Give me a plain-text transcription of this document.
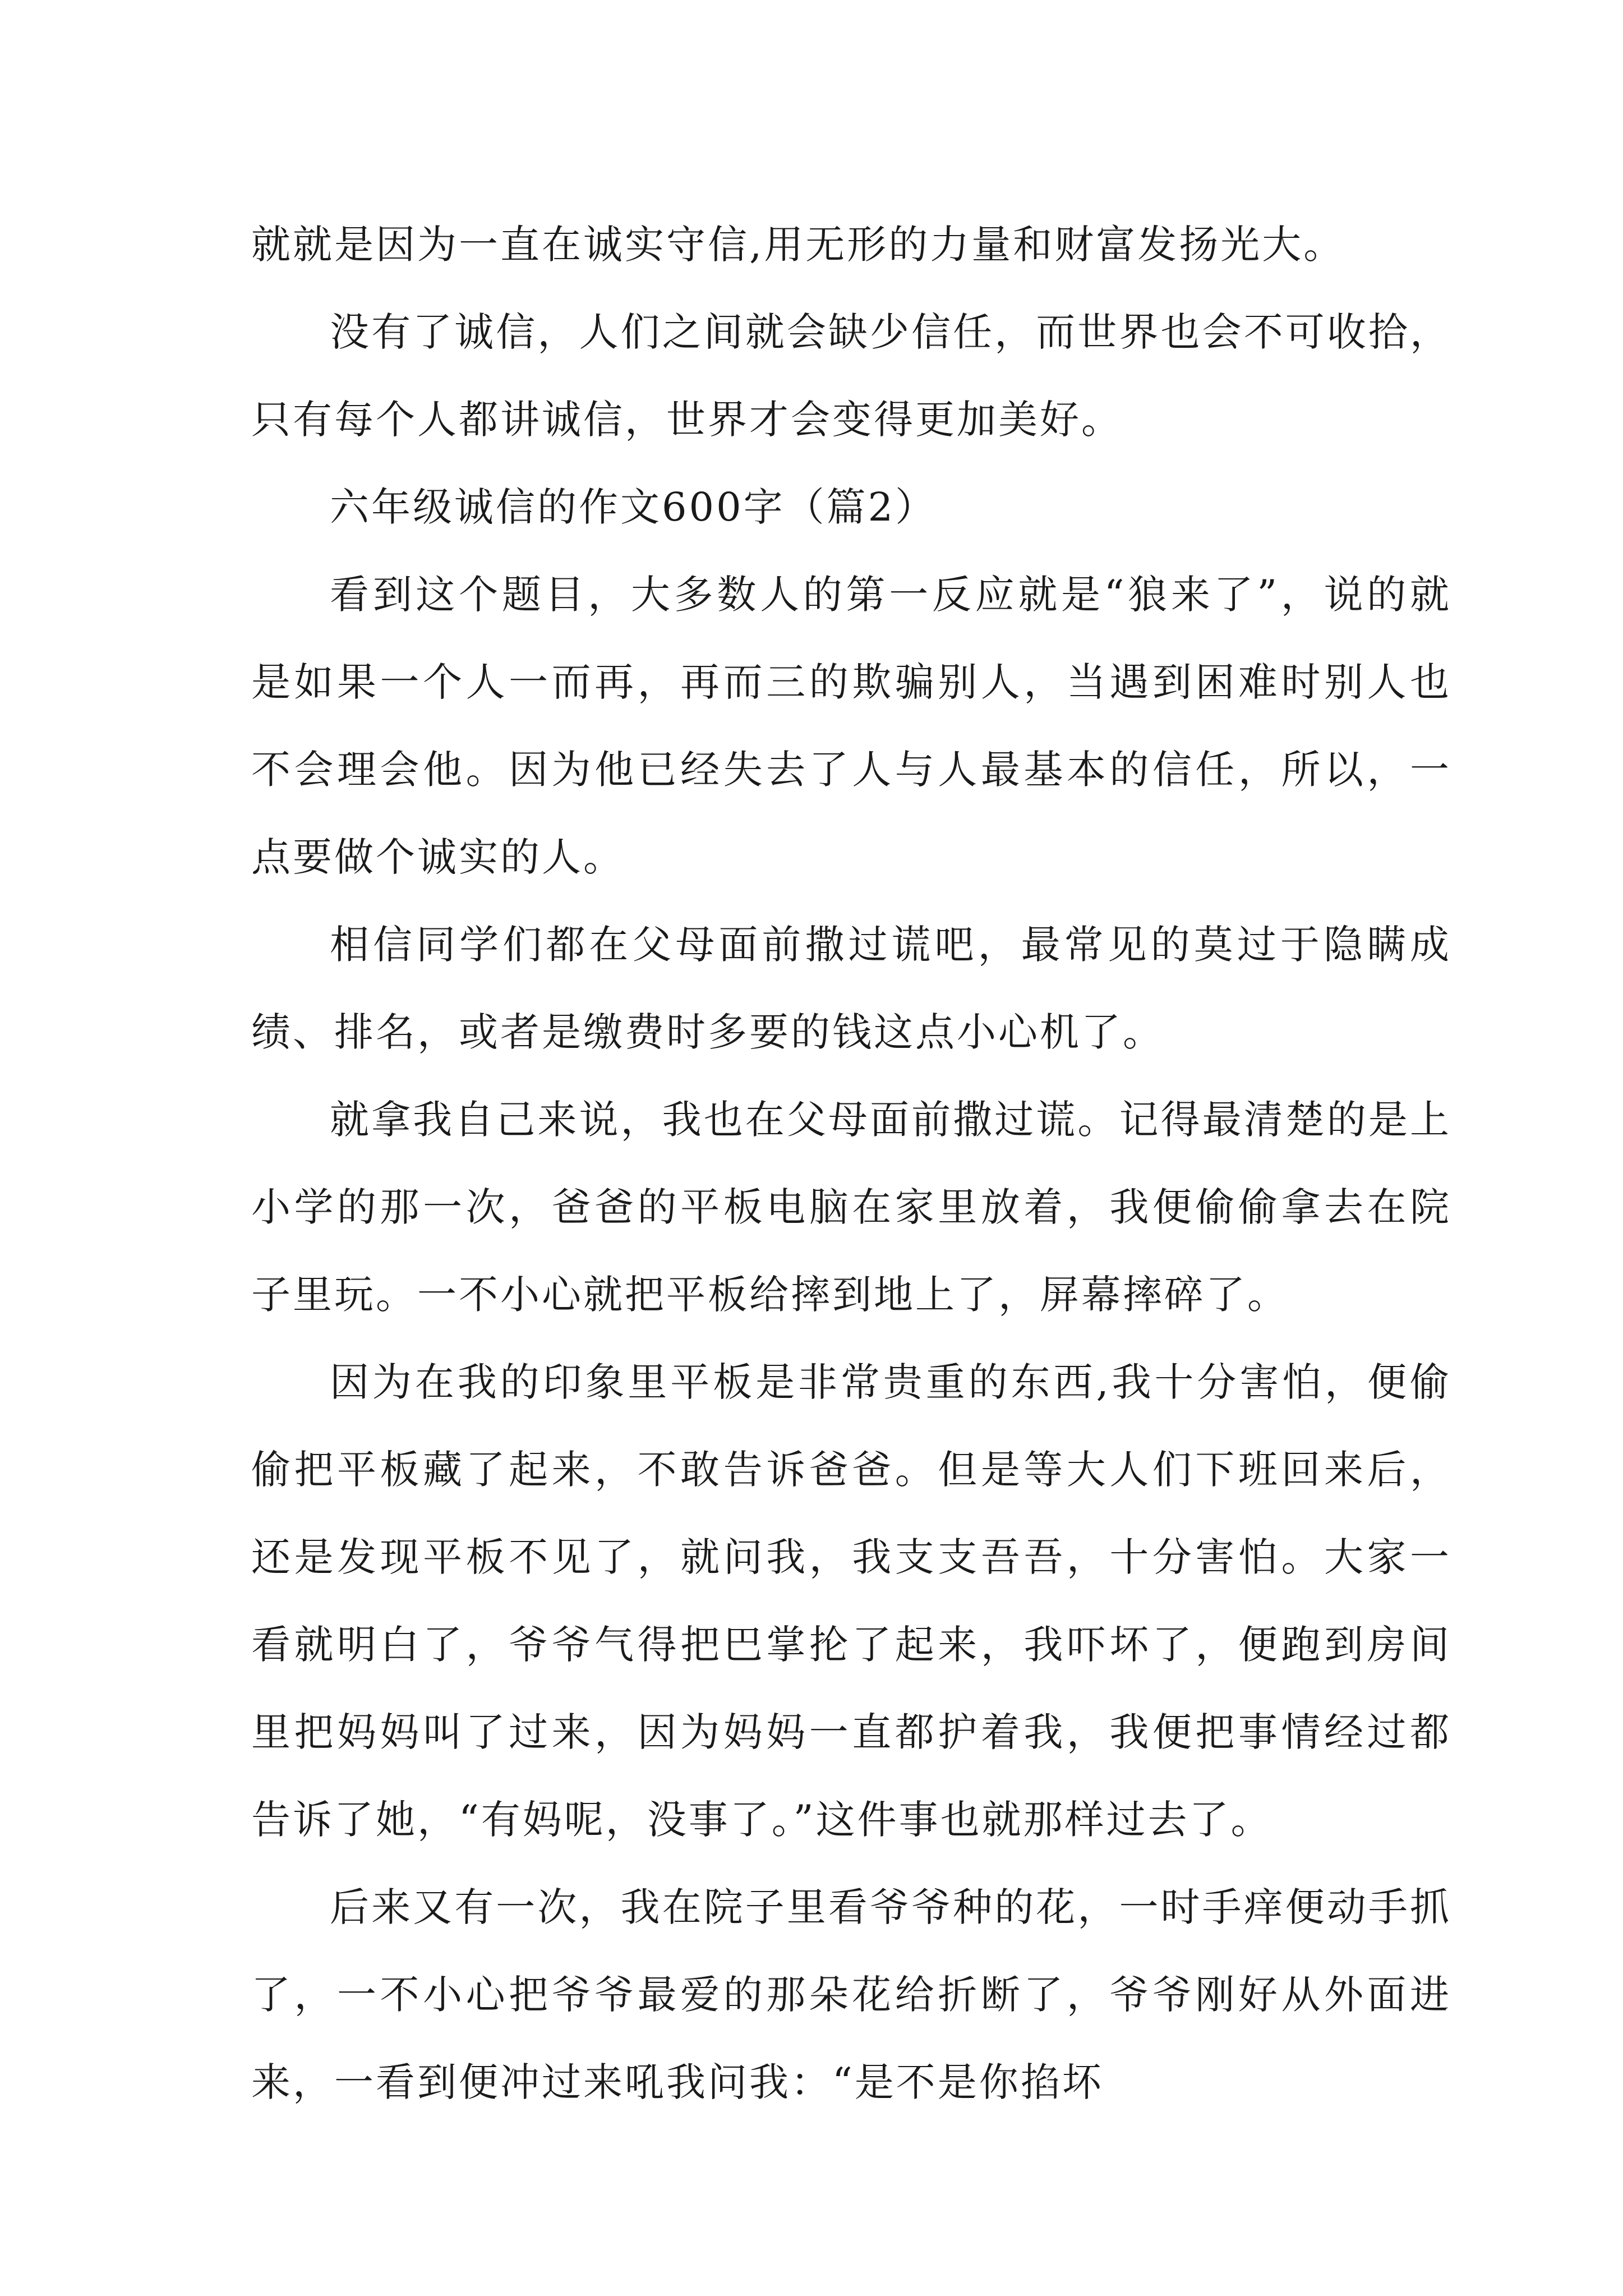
就就是因为一直在诚实守信,用无形的力量和财富发扬光大。

没有了诚信，人们之间就会缺少信任，而世界也会不可收拾，只有每个人都讲诚信，世界才会变得更加美好。

六年级诚信的作文600字（篇2）

看到这个题目，大多数人的第一反应就是“狼来了”，说的就是如果一个人一而再，再而三的欺骗别人，当遇到困难时别人也不会理会他。因为他已经失去了人与人最基本的信任，所以，一点要做个诚实的人。

相信同学们都在父母面前撒过谎吧，最常见的莫过于隐瞒成绩、排名，或者是缴费时多要的钱这点小心机了。

就拿我自己来说，我也在父母面前撒过谎。记得最清楚的是上小学的那一次，爸爸的平板电脑在家里放着，我便偷偷拿去在院子里玩。一不小心就把平板给摔到地上了，屏幕摔碎了。

因为在我的印象里平板是非常贵重的东西,我十分害怕，便偷偷把平板藏了起来，不敢告诉爸爸。但是等大人们下班回来后，还是发现平板不见了，就问我，我支支吾吾，十分害怕。大家一看就明白了，爷爷气得把巴掌抡了起来，我吓坏了，便跑到房间里把妈妈叫了过来，因为妈妈一直都护着我，我便把事情经过都告诉了她，“有妈呢，没事了。”这件事也就那样过去了。

后来又有一次，我在院子里看爷爷种的花，一时手痒便动手抓了，一不小心把爷爷最爱的那朵花给折断了，爷爷刚好从外面进来，一看到便冲过来吼我问我：“是不是你掐坏
